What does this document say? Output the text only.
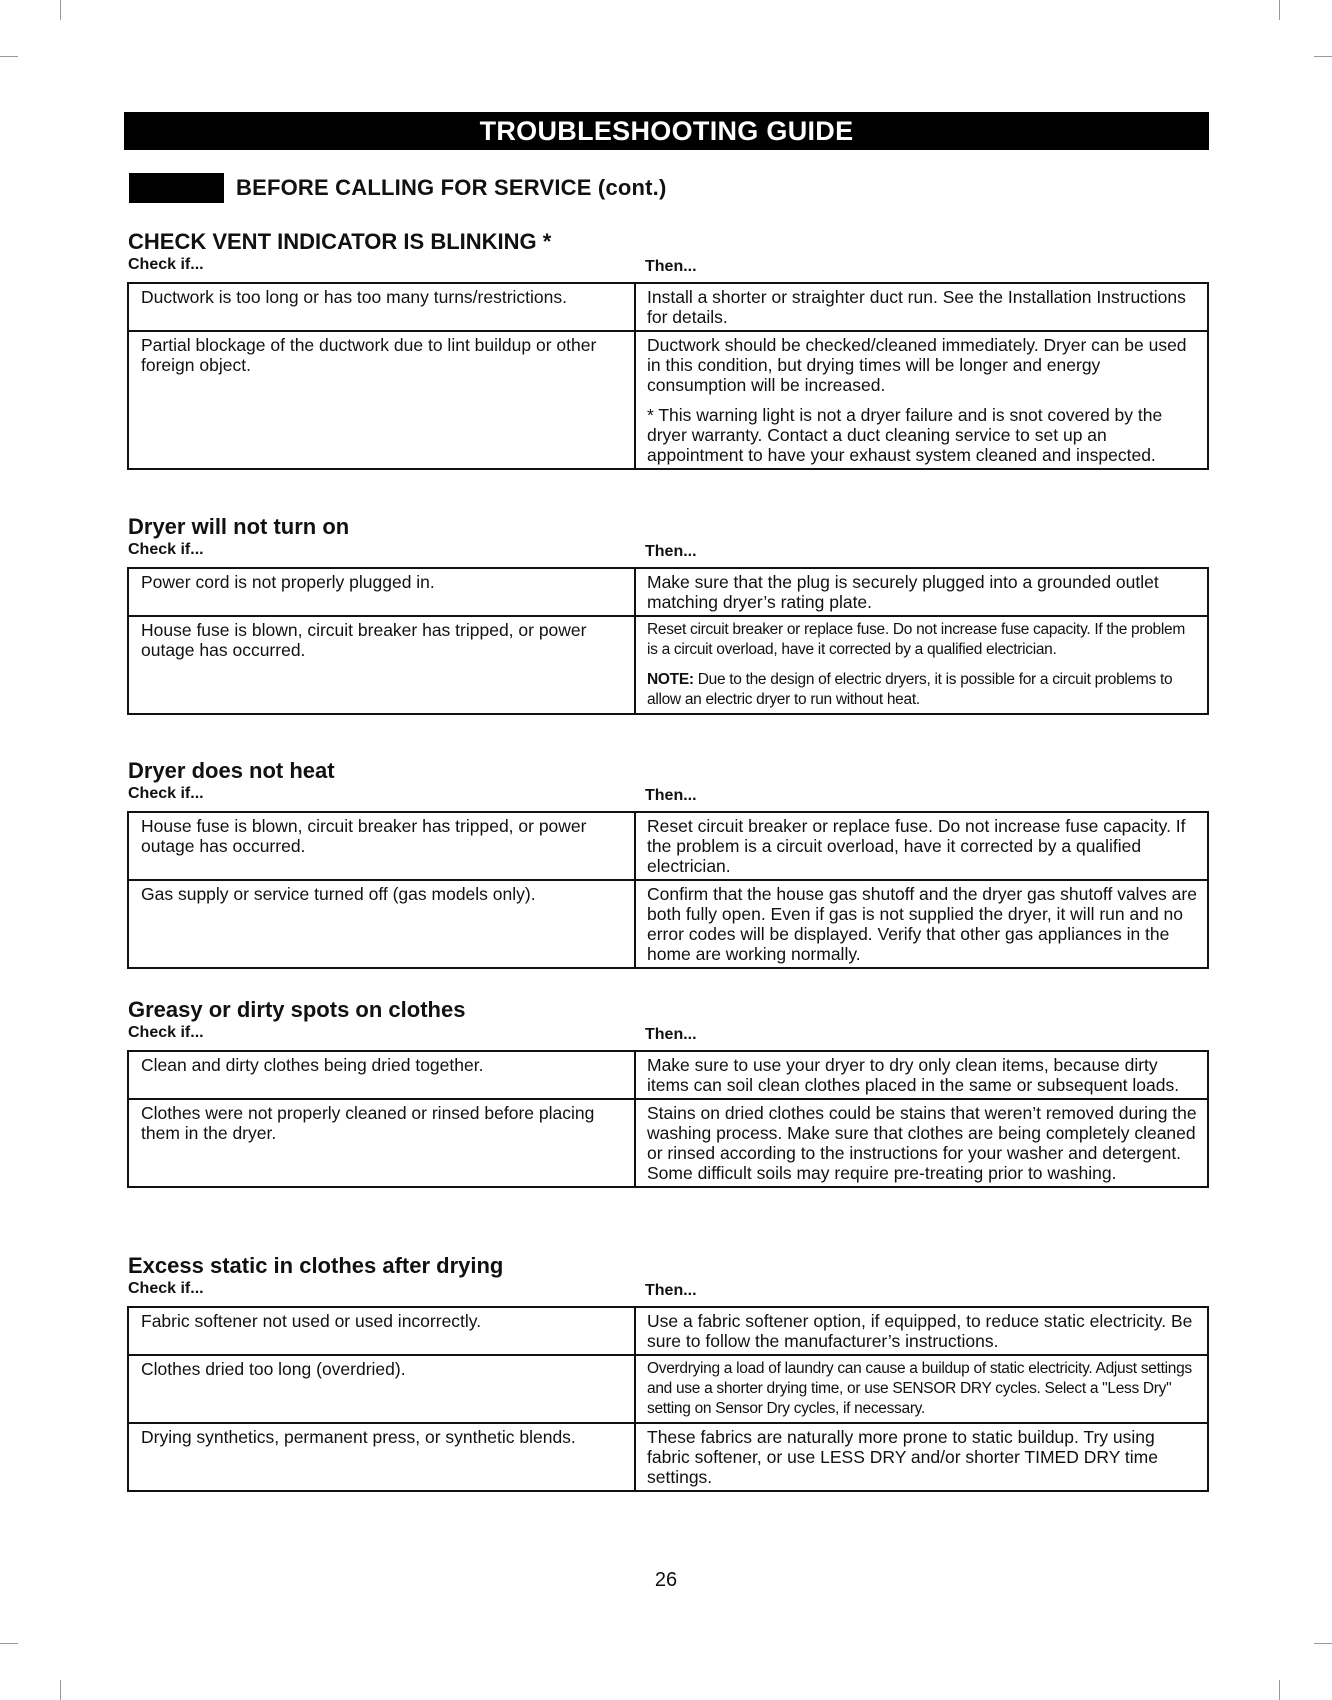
TROUBLESHOOTING GUIDE
BEFORE CALLING FOR SERVICE (cont.)
CHECK VENT INDICATOR IS BLINKING *
Check if...	Then...
Ductwork is too long or has too many turns/restrictions.	Install a shorter or straighter duct run. See the Installation Instructions for details.

Partial blockage of the ductwork due to lint buildup or other foreign object.	Ductwork should be checked/cleaned immediately. Dryer can be used in this condition, but drying times will be longer and energy consumption will be increased.
* This warning light is not a dryer failure and is snot covered by the dryer warranty. Contact a duct cleaning service to set up an appointment to have your exhaust system cleaned and inspected.
Dryer will not turn on
Check if...	Then...
Power cord is not properly plugged in.	Make sure that the plug is securely plugged into a grounded outlet matching dryer’s rating plate.

House fuse is blown, circuit breaker has tripped, or power outage has occurred.	Reset circuit breaker or replace fuse. Do not increase fuse capacity. If the problem is a circuit overload, have it corrected by a qualified electrician.
NOTE: Due to the design of electric dryers, it is possible for a circuit problems to allow an electric dryer to run without heat.
Dryer does not heat
Check if...	Then...
House fuse is blown, circuit breaker has tripped, or power outage has occurred.	Reset circuit breaker or replace fuse. Do not increase fuse capacity. If the problem is a circuit overload, have it corrected by a qualified electrician.

Gas supply or service turned off (gas models only).	Confirm that the house gas shutoff and the dryer gas shutoff valves are both fully open. Even if gas is not supplied the dryer, it will run and no error codes will be displayed. Verify that other gas appliances in the home are working normally.
Greasy or dirty spots on clothes
Check if...	Then...
Clean and dirty clothes being dried together.	Make sure to use your dryer to dry only clean items, because dirty items can soil clean clothes placed in the same or subsequent loads.

Clothes were not properly cleaned or rinsed before placing them in the dryer.	Stains on dried clothes could be stains that weren’t removed during the washing process. Make sure that clothes are being completely cleaned or rinsed according to the instructions for your washer and detergent. Some difficult soils may require pre-treating prior to washing.
Excess static in clothes after drying
Check if...	Then...
Fabric softener not used or used incorrectly.	Use a fabric softener option, if equipped, to reduce static electricity. Be sure to follow the manufacturer’s instructions.

Clothes dried too long (overdried).	Overdrying a load of laundry can cause a buildup of static electricity. Adjust settings and use a shorter drying time, or use SENSOR DRY cycles. Select a "Less Dry" setting on Sensor Dry cycles, if necessary.

Drying synthetics, permanent press, or synthetic blends.	These fabrics are naturally more prone to static buildup. Try using fabric softener, or use LESS DRY and/or shorter TIMED DRY time settings.
26
